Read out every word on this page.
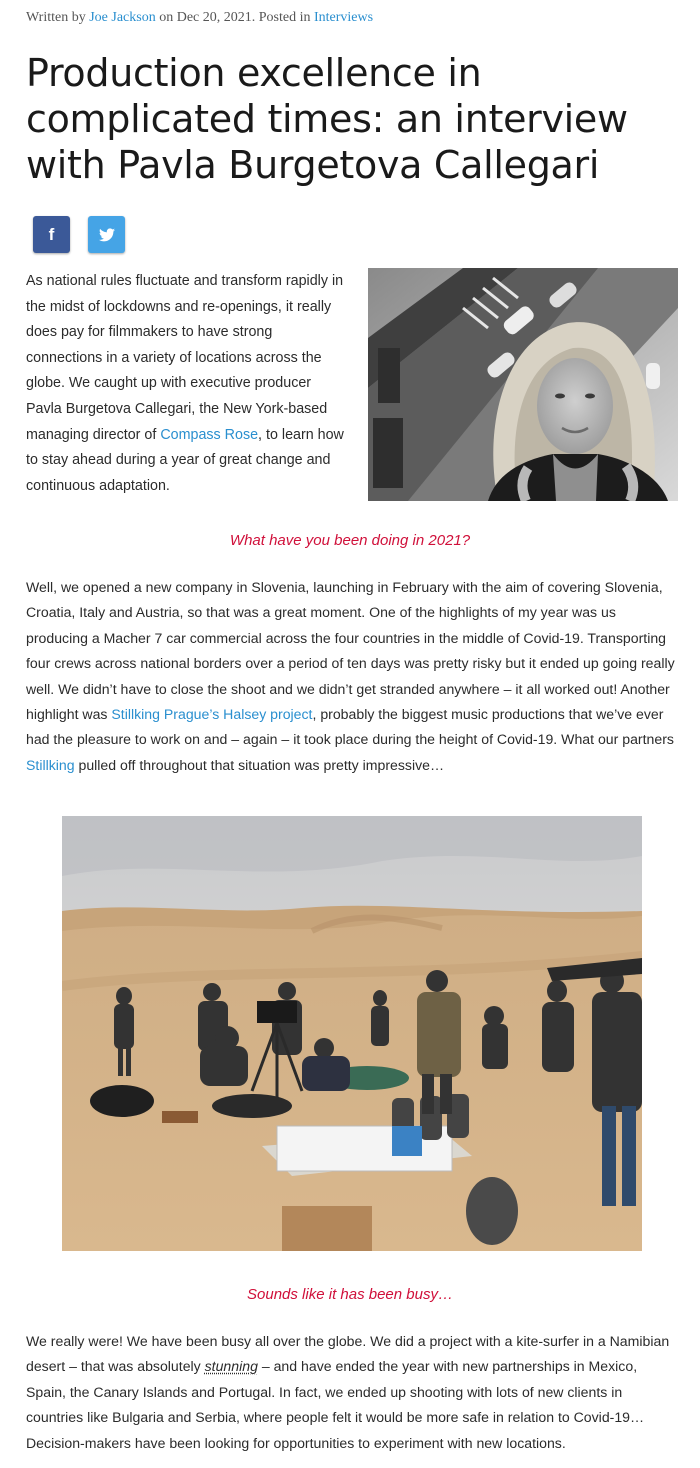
Written by Joe Jackson on Dec 20, 2021. Posted in Interviews
Production excellence in complicated times: an interview with Pavla Burgetova Callegari
f

As national rules fluctuate and transform rapidly in the midst of lockdowns and re-openings, it really does pay for filmmakers to have strong connections in a variety of locations across the globe. We caught up with executive producer Pavla Burgetova Callegari, the New York-based managing director of Compass Rose, to learn how to stay ahead during a year of great change and continuous adaptation.

What have you been doing in 2021?

Well, we opened a new company in Slovenia, launching in February with the aim of covering Slovenia, Croatia, Italy and Austria, so that was a great moment. One of the highlights of my year was us producing a Macher 7 car commercial across the four countries in the middle of Covid-19. Transporting four crews across national borders over a period of ten days was pretty risky but it ended up going really well. We didn’t have to close the shoot and we didn’t get stranded anywhere – it all worked out! Another highlight was Stillking Prague’s Halsey project, probably the biggest music productions that we’ve ever had the pleasure to work on and – again – it took place during the height of Covid-19. What our partners Stillking pulled off throughout that situation was pretty impressive…

Sounds like it has been busy…

We really were! We have been busy all over the globe. We did a project with a kite-surfer in a Namibian desert – that was absolutely stunning – and have ended the year with new partnerships in Mexico, Spain, the Canary Islands and Portugal. In fact, we ended up shooting with lots of new clients in countries like Bulgaria and Serbia, where people felt it would be more safe in relation to Covid-19… Decision-makers have been looking for opportunities to experiment with new locations.
